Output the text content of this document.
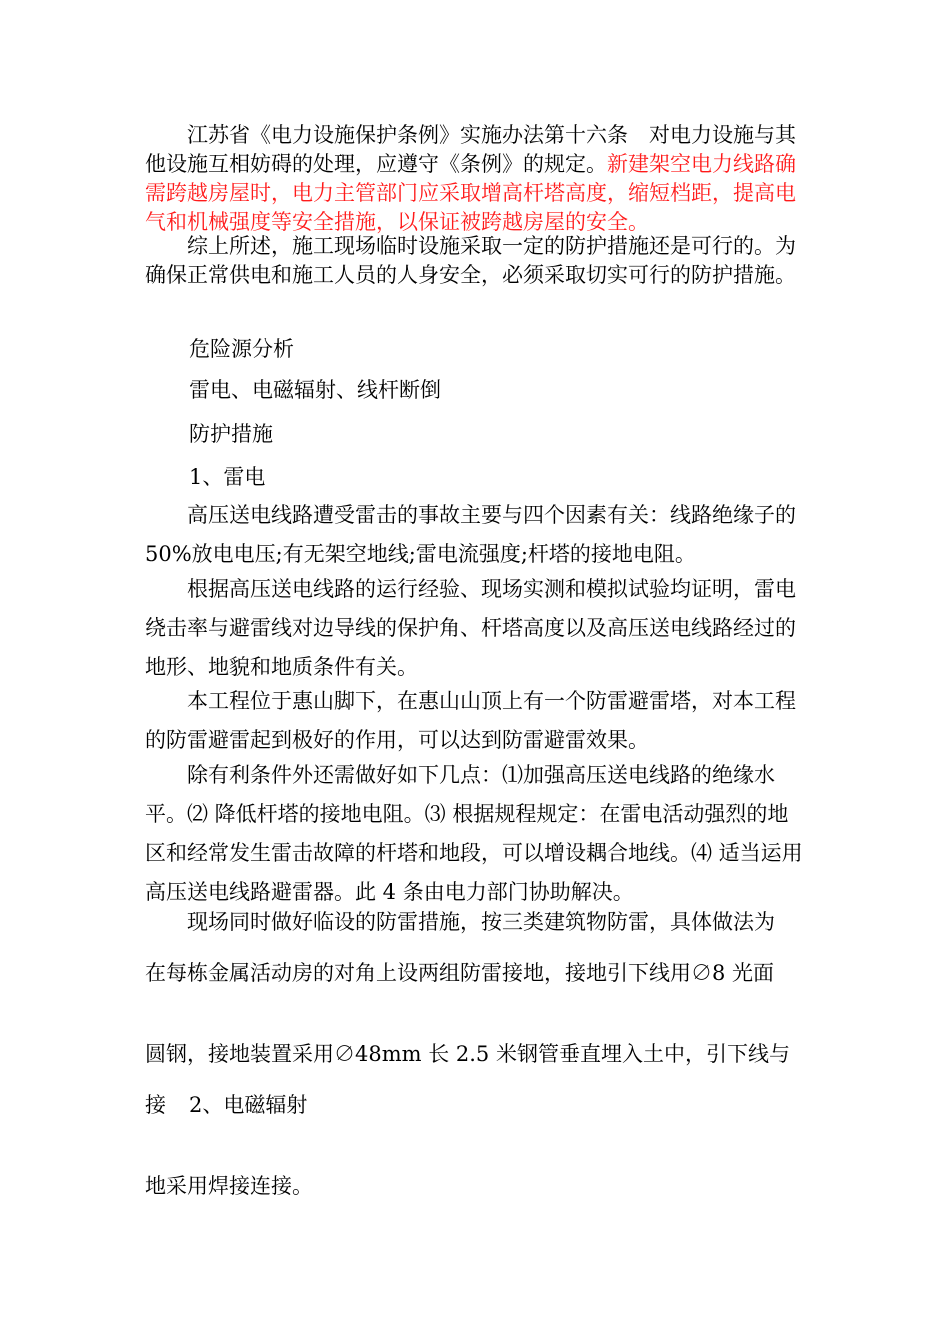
江苏省《电力设施保护条例》实施办法第十六条　对电力设施与其他设施互相妨碍的处理，应遵守《条例》的规定。新建架空电力线路确需跨越房屋时，电力主管部门应采取增高杆塔高度，缩短档距，提高电气和机械强度等安全措施，以保证被跨越房屋的安全。

综上所述，施工现场临时设施采取一定的防护措施还是可行的。为确保正常供电和施工人员的人身安全，必须采取切实可行的防护措施。

危险源分析

雷电、电磁辐射、线杆断倒

防护措施

1、雷电

高压送电线路遭受雷击的事故主要与四个因素有关：线路绝缘子的50%放电电压;有无架空地线;雷电流强度;杆塔的接地电阻。

根据高压送电线路的运行经验、现场实测和模拟试验均证明，雷电绕击率与避雷线对边导线的保护角、杆塔高度以及高压送电线路经过的地形、地貌和地质条件有关。

本工程位于惠山脚下，在惠山山顶上有一个防雷避雷塔，对本工程的防雷避雷起到极好的作用，可以达到防雷避雷效果。

除有利条件外还需做好如下几点：⑴加强高压送电线路的绝缘水平。⑵ 降低杆塔的接地电阻。⑶ 根据规程规定：在雷电活动强烈的地区和经常发生雷击故障的杆塔和地段，可以增设耦合地线。⑷ 适当运用高压送电线路避雷器。此 4 条由电力部门协助解决。

现场同时做好临设的防雷措施，按三类建筑物防雷，具体做法为
在每栋金属活动房的对角上设两组防雷接地，接地引下线用∅8 光面
圆钢，接地装置采用∅48mm 长 2.5 米钢管垂直埋入土中，引下线与接
地采用焊接连接。

2、电磁辐射
